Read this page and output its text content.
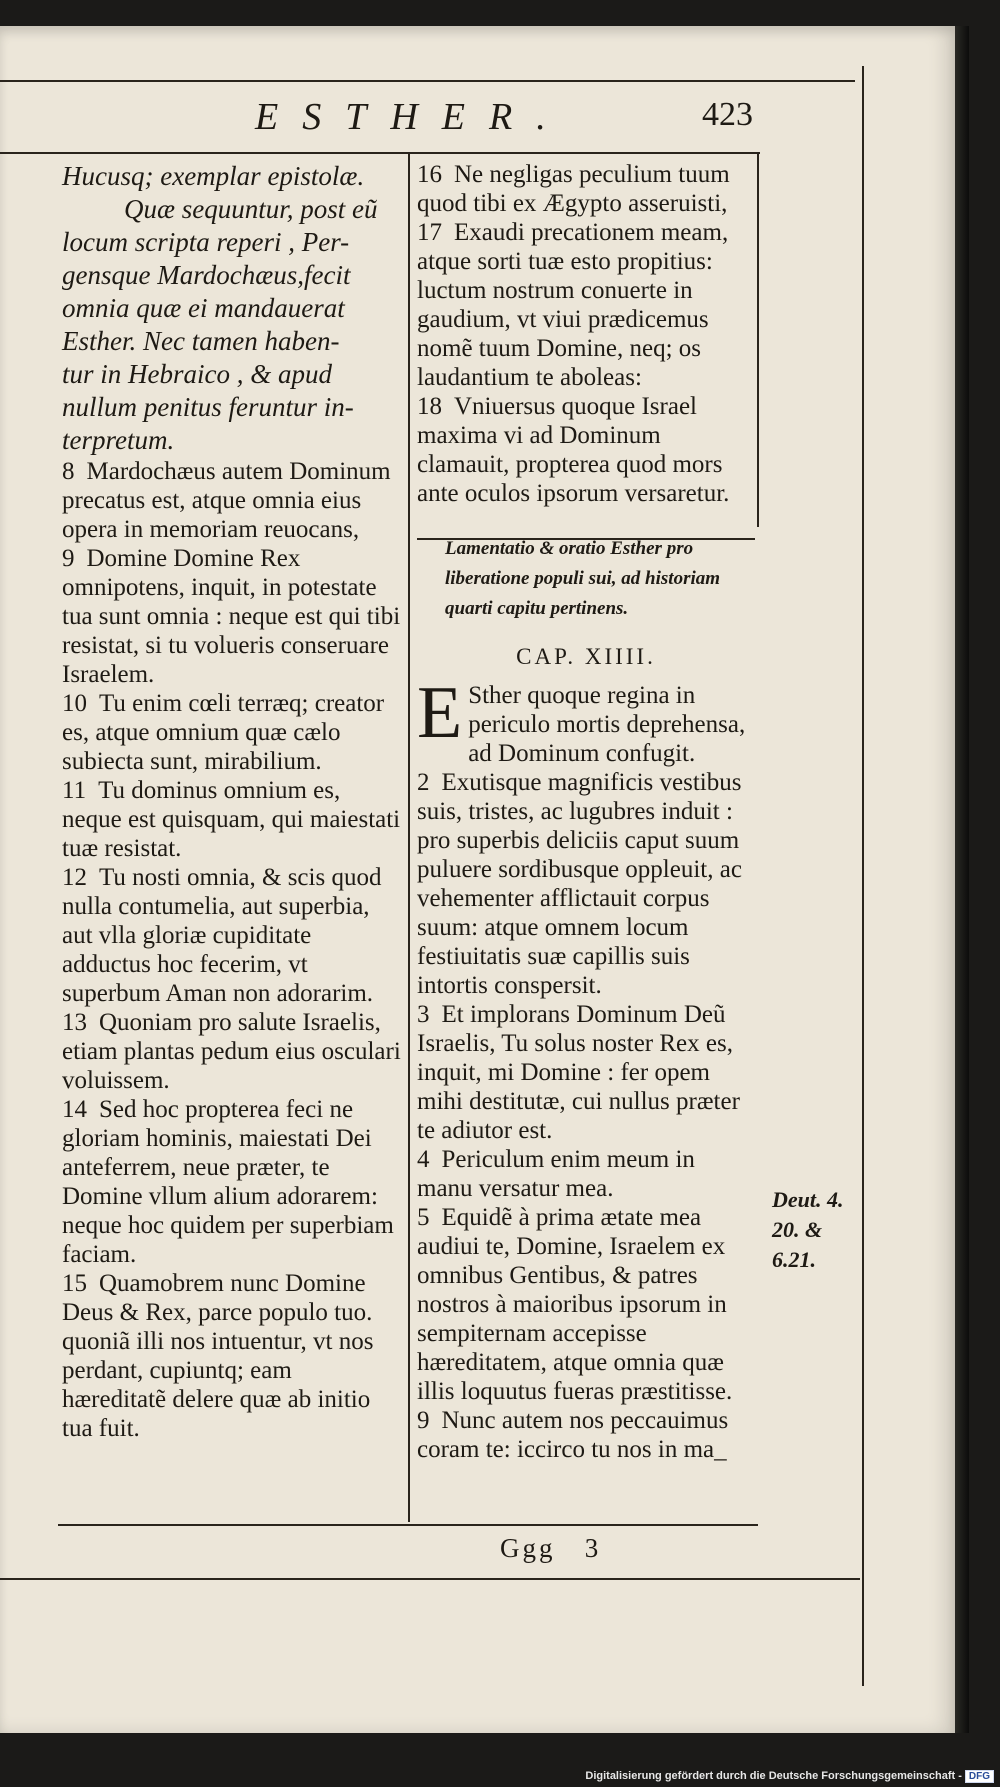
ESTHER.	423

Hucusq; exemplar epistolæ.

Quæ sequuntur, post eũ

locum scripta reperi , Per-

gensque Mardochæus,fecit

omnia quæ ei mandauerat

Esther. Nec tamen haben-

tur in Hebraico , & apud

nullum penitus feruntur in-

terpretum.

8 Mardochæus autem Dominum precatus est, atque omnia eius opera in memoriam reuocans,

9 Domine Domine Rex omnipotens, inquit, in potestate tua sunt omnia : neque est qui tibi resistat, si tu volueris conseruare Israelem.

10 Tu enim cœli terræq; creator es, atque omnium quæ cælo subiecta sunt, mirabilium.

11 Tu dominus omnium es, neque est quisquam, qui maiestati tuæ resistat.

12 Tu nosti omnia, & scis quod nulla contumelia, aut superbia, aut vlla gloriæ cupiditate adductus hoc fecerim, vt superbum Aman non adorarim.

13 Quoniam pro salute Israelis, etiam plantas pedum eius osculari voluissem.

14 Sed hoc propterea feci ne gloriam hominis, maiestati Dei anteferrem, neue præter, te Domine vllum alium adorarem: neque hoc quidem per superbiam faciam.

15 Quamobrem nunc Domine Deus & Rex, parce populo tuo. quoniã illi nos intuentur, vt nos perdant, cupiuntq; eam hæreditatẽ delere quæ ab initio tua fuit.

16 Ne negligas peculium tuum quod tibi ex Ægypto asseruisti,

17 Exaudi precationem meam, atque sorti tuæ esto propitius: luctum nostrum conuerte in gaudium, vt viui prædicemus nomẽ tuum Domine, neq; os laudantium te aboleas:

18 Vniuersus quoque Israel maxima vi ad Dominum clamauit, propterea quod mors ante oculos ipsorum versaretur.

Lamentatio & oratio Esther pro liberatione populi sui, ad historiam quarti capitu pertinens.

CAP. XIIII.

E Sther quoque regina in periculo mortis deprehensa, ad Dominum confugit.

2 Exutisque magnificis vestibus suis, tristes, ac lugubres induit : pro superbis deliciis caput suum puluere sordibusque oppleuit, ac vehementer afflictauit corpus suum: atque omnem locum festiuitatis suæ capillis suis intortis conspersit.

3 Et implorans Dominum Deũ Israelis, Tu solus noster Rex es, inquit, mi Domine : fer opem mihi destitutæ, cui nullus præter te adiutor est.

4 Periculum enim meum in manu versatur mea.

5 Equidẽ à prima ætate mea audiui te, Domine, Israelem ex omnibus Gentibus, & patres nostros à maioribus ipsorum in sempiternam accepisse hæreditatem, atque omnia quæ illis loquutus fueras præstitisse.

9 Nunc autem nos peccauimus coram te: iccirco tu nos in ma_

Deut. 4.
20. &
6.21.
Ggg   3
Digitalisierung gefördert durch die Deutsche Forschungsgemeinschaft - DFG
